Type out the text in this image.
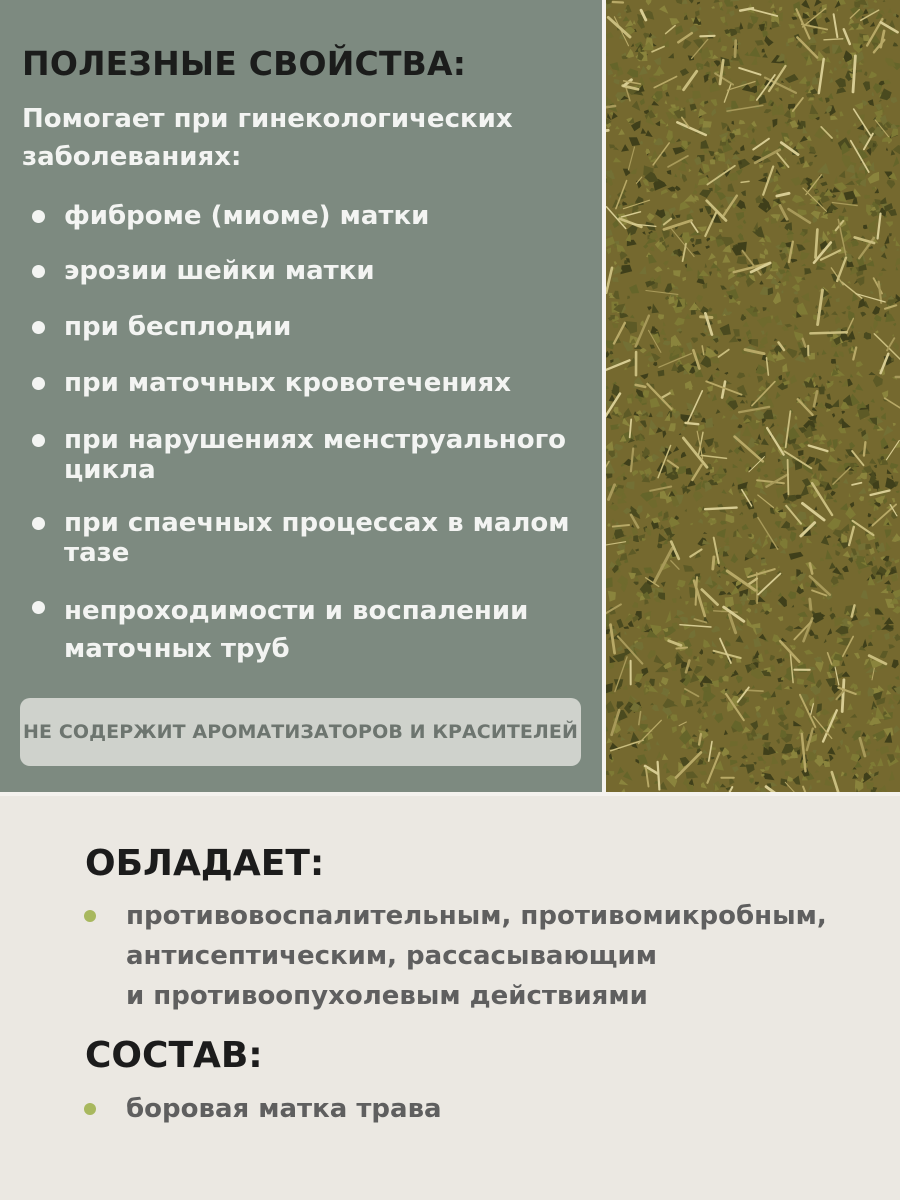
ПОЛЕЗНЫЕ СВОЙСТВА:
Помогает при гинекологических заболеваниях:
фиброме (миоме) матки
эрозии шейки матки
при бесплодии
при маточных кровотечениях
при нарушениях менструального
цикла
при спаечных процессах в малом
тазе
непроходимости и воспалении
маточных труб
НЕ СОДЕРЖИТ АРОМАТИЗАТОРОВ И КРАСИТЕЛЕЙ
ОБЛАДАЕТ:
противовоспалительным, противомикробным,
антисептическим, рассасывающим
и противоопухолевым действиями
СОСТАВ:
боровая матка трава
